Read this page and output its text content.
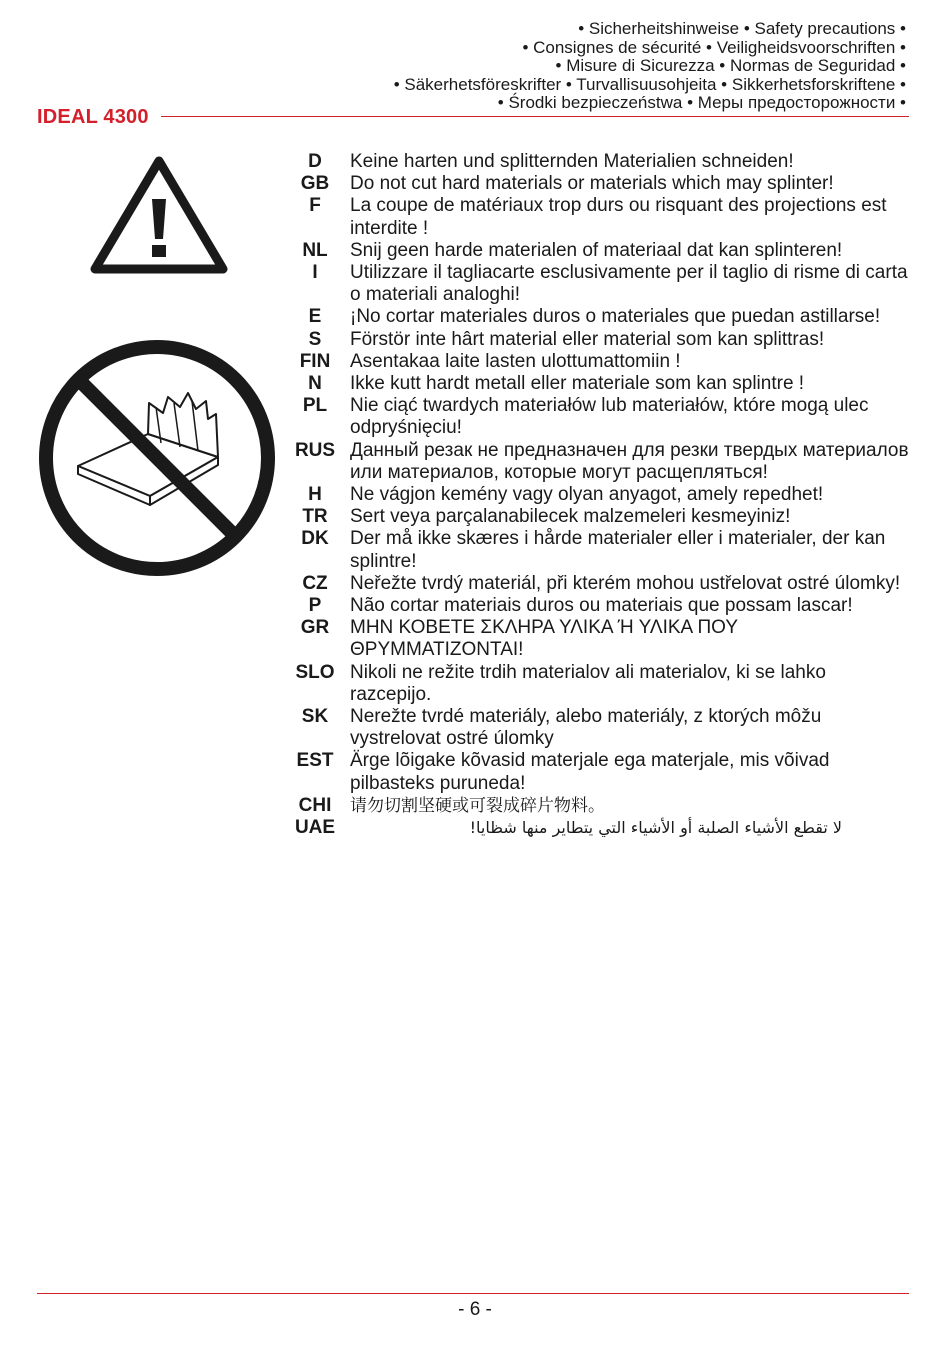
• Sicherheitshinweise • Safety precautions •
• Consignes de sécurité • Veiligheidsvoorschriften •
• Misure di Sicurezza • Normas de Seguridad •
• Säkerhetsföreskrifter • Turvallisuusohjeita • Sikkerhetsforskriftene •
• Środki bezpieczeństwa • Меры предосторожности •
IDEAL 4300
D	Keine harten und splitternden Materialien schneiden!
GB	Do not cut hard materials or materials which may splinter!
F	La coupe de matériaux trop durs ou risquant des projections est interdite !
NL	Snij geen harde materialen of materiaal dat kan splinteren!
I	Utilizzare il tagliacarte esclusivamente per il taglio di risme di carta o materiali analoghi!
E	¡No cortar materiales duros o materiales que puedan astillarse!
S	Förstör inte hârt material eller material som kan splittras!
FIN	Asentakaa laite lasten ulottumattomiin !
N	Ikke kutt hardt metall eller materiale som kan splintre !
PL	Nie ciąć twardych materiałów lub materiałów, które mogą ulec odpryśnięciu!
RUS Данный резак не предназначен для резки твердых материалов или материалов, которые могут расщепляться!
H	Ne vágjon kemény vagy olyan anyagot, amely repedhet!
TR	Sert veya parçalanabilecek malzemeleri kesmeyiniz!
DK	Der må ikke skæres i hårde materialer eller i materialer, der kan splintre!
CZ	Neřežte tvrdý materiál, při kterém mohou ustřelovat ostré úlomky!
P	Não cortar materiais duros ou materiais que possam lascar!
GR	ΜΗΝ ΚΟΒΕΤΕ ΣΚΛΗΡΑ ΥΛΙΚΑ Ή ΥΛΙΚΑ ΠΟΥ ΘΡΥΜΜΑΤΙΖΟΝΤΑΙ!
SLO Nikoli ne režite trdih materialov ali materialov, ki se lahko razcepijo.
SK	Nerežte tvrdé materiály, alebo materiály, z ktorých môžu vystrelovat ostré úlomky
EST Ärge lõigake kõvasid materjale ega materjale, mis võivad pilbasteks puruneda!
CHI	请勿切割坚硬或可裂成碎片物料。
UAE	لا تقطع الأشياء الصلبة أو الأشياء التي يتطاير منها شظايا!
- 6 -
